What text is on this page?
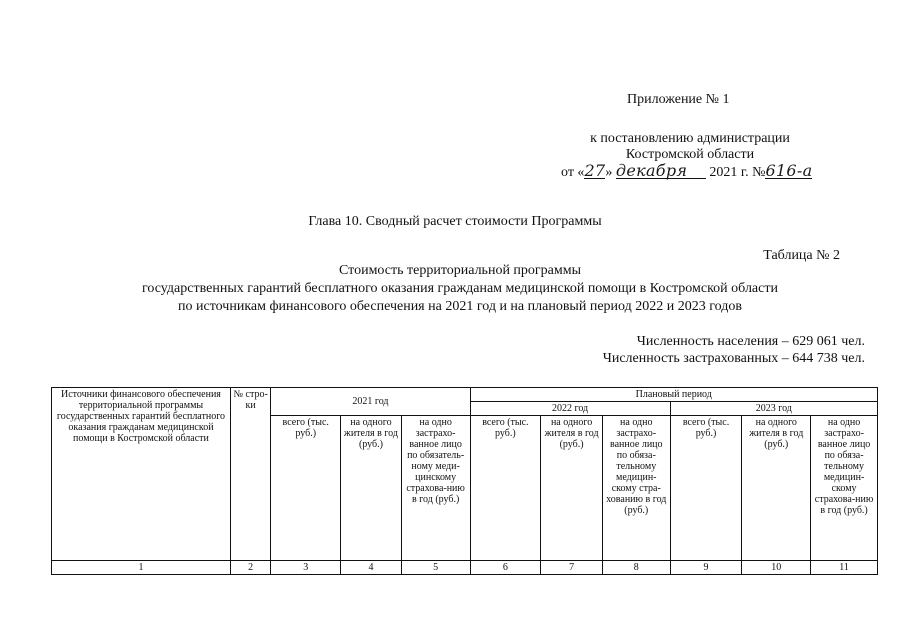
Приложение № 1
к постановлению администрации
Костромской области
от «27» декабря 2021 г. №616-а
Глава 10. Сводный расчет стоимости Программы
Таблица № 2
Стоимость территориальной программы
государственных гарантий бесплатного оказания гражданам медицинской помощи в Костромской области
по источникам финансового обеспечения на 2021 год и на плановый период 2022 и 2023 годов
Численность населения – 629 061 чел.
Численность застрахованных – 644 738 чел.
Источники финансового обеспечения территориальной программы государственных гарантий бесплатного оказания гражданам медицинской помощи в Костромской области	№ стро-ки	2021 год			Плановый период					
					2022 год			2023 год		
		всего (тыс. руб.)	на одного жителя в год (руб.)	на одно застрахо-ванное лицо по обязатель-ному меди-цинскому страхова-нию в год (руб.)	всего (тыс. руб.)	на одного жителя в год (руб.)	на одно застрахо-ванное лицо по обяза-тельному медицин-скому стра-хованию в год (руб.)	всего (тыс. руб.)	на одного жителя в год (руб.)	на одно застрахо-ванное лицо по обяза-тельному медицин-скому страхова-нию в год (руб.)
1	2	3	4	5	6	7	8	9	10	11
